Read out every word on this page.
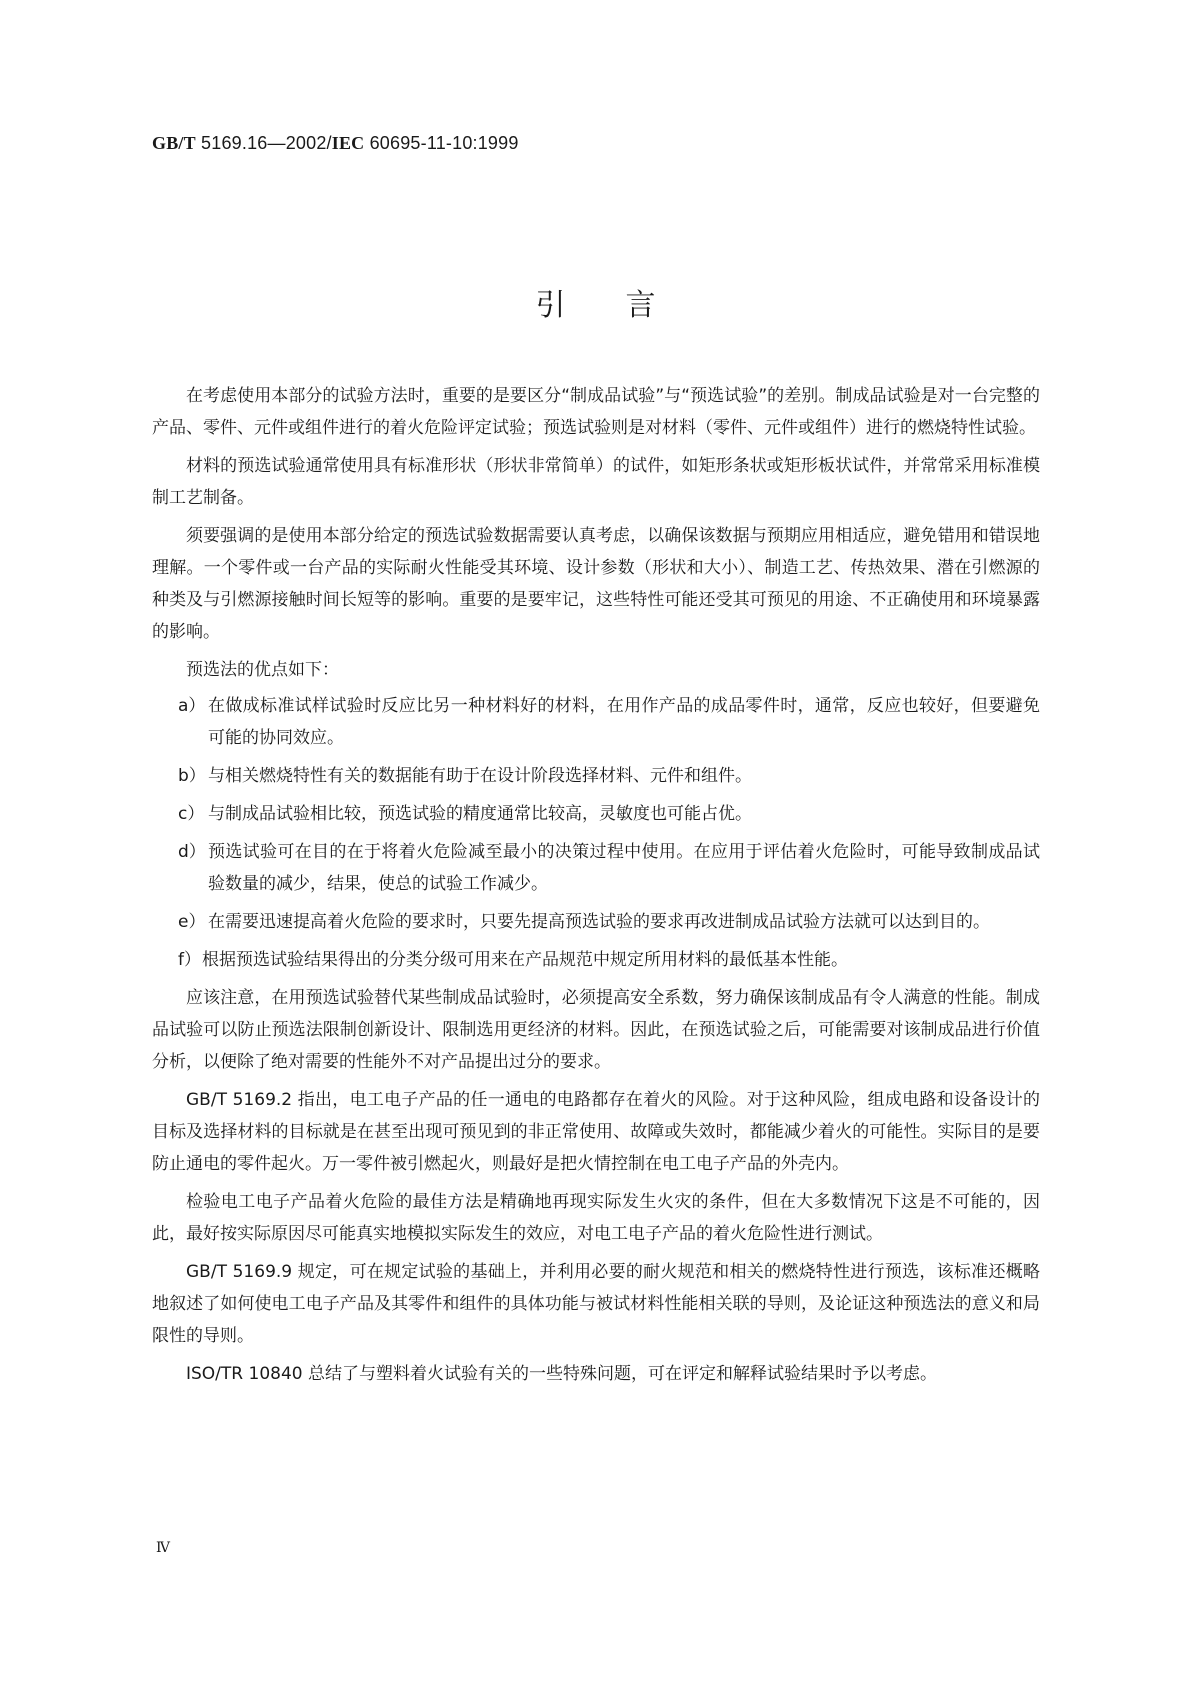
GB/T 5169.16—2002/IEC 60695-11-10:1999
引言

在考虑使用本部分的试验方法时，重要的是要区分“制成品试验”与“预选试验”的差别。制成品试验是对一台完整的产品、零件、元件或组件进行的着火危险评定试验；预选试验则是对材料（零件、元件或组件）进行的燃烧特性试验。

材料的预选试验通常使用具有标准形状（形状非常简单）的试件，如矩形条状或矩形板状试件，并常常采用标准模制工艺制备。

须要强调的是使用本部分给定的预选试验数据需要认真考虑，以确保该数据与预期应用相适应，避免错用和错误地理解。一个零件或一台产品的实际耐火性能受其环境、设计参数（形状和大小）、制造工艺、传热效果、潜在引燃源的种类及与引燃源接触时间长短等的影响。重要的是要牢记，这些特性可能还受其可预见的用途、不正确使用和环境暴露的影响。

预选法的优点如下：

a） 在做成标准试样试验时反应比另一种材料好的材料，在用作产品的成品零件时，通常，反应也较好，但要避免可能的协同效应。
b） 与相关燃烧特性有关的数据能有助于在设计阶段选择材料、元件和组件。
c） 与制成品试验相比较，预选试验的精度通常比较高，灵敏度也可能占优。
d） 预选试验可在目的在于将着火危险减至最小的决策过程中使用。在应用于评估着火危险时，可能导致制成品试验数量的减少，结果，使总的试验工作减少。
e） 在需要迅速提高着火危险的要求时，只要先提高预选试验的要求再改进制成品试验方法就可以达到目的。
f） 根据预选试验结果得出的分类分级可用来在产品规范中规定所用材料的最低基本性能。

应该注意，在用预选试验替代某些制成品试验时，必须提高安全系数，努力确保该制成品有令人满意的性能。制成品试验可以防止预选法限制创新设计、限制选用更经济的材料。因此，在预选试验之后，可能需要对该制成品进行价值分析，以便除了绝对需要的性能外不对产品提出过分的要求。

GB/T 5169.2 指出，电工电子产品的任一通电的电路都存在着火的风险。对于这种风险，组成电路和设备设计的目标及选择材料的目标就是在甚至出现可预见到的非正常使用、故障或失效时，都能减少着火的可能性。实际目的是要防止通电的零件起火。万一零件被引燃起火，则最好是把火情控制在电工电子产品的外壳内。

检验电工电子产品着火危险的最佳方法是精确地再现实际发生火灾的条件，但在大多数情况下这是不可能的，因此，最好按实际原因尽可能真实地模拟实际发生的效应，对电工电子产品的着火危险性进行测试。

GB/T 5169.9 规定，可在规定试验的基础上，并利用必要的耐火规范和相关的燃烧特性进行预选，该标准还概略地叙述了如何使电工电子产品及其零件和组件的具体功能与被试材料性能相关联的导则，及论证这种预选法的意义和局限性的导则。

ISO/TR 10840 总结了与塑料着火试验有关的一些特殊问题，可在评定和解释试验结果时予以考虑。

Ⅳ
